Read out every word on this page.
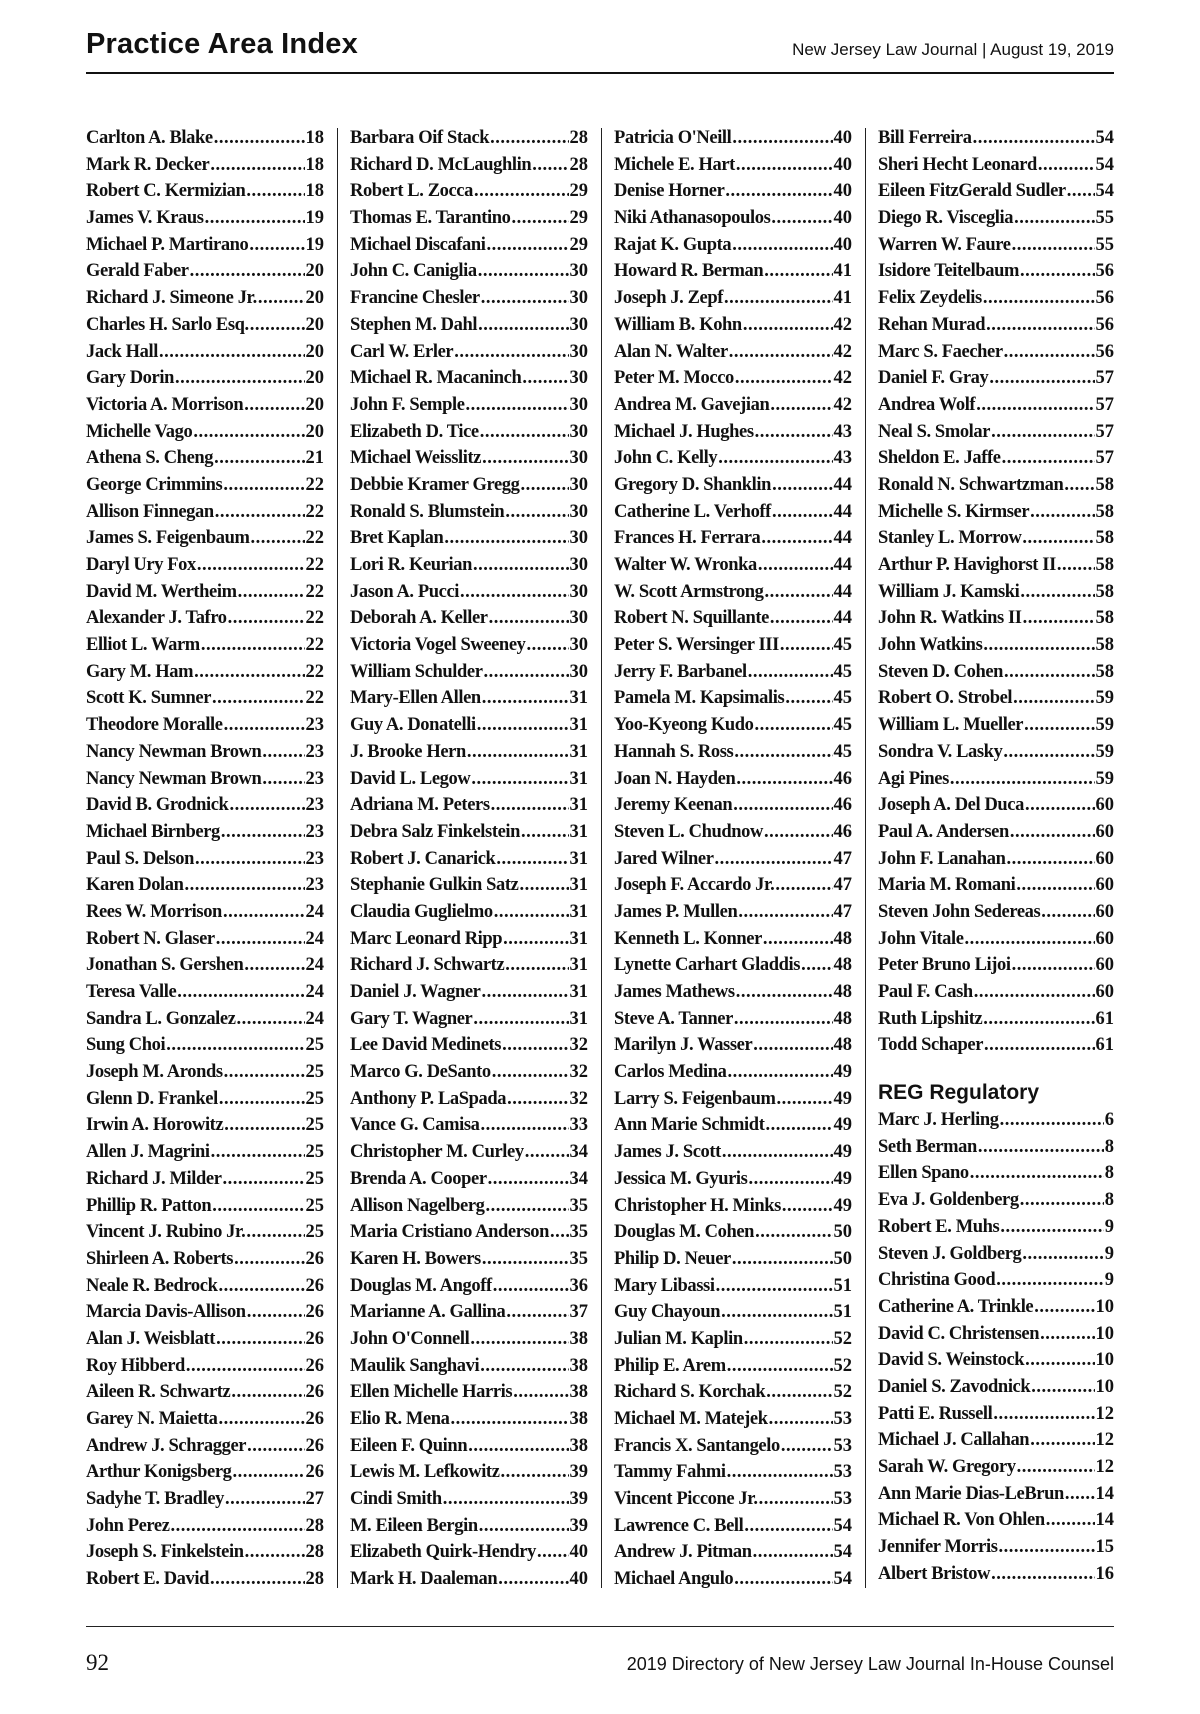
Practice Area Index	New Jersey Law Journal | August 19, 2019
Carlton A. Blake .....	18
Mark R. Decker .....	18
Robert C. Kermizian .....	18
James V. Kraus .....	19
Michael P. Martirano .....	19
Gerald Faber .....	20
Richard J. Simeone Jr. .....	20
Charles H. Sarlo Esq. .....	20
Jack Hall .....	20
Gary Dorin .....	20
Victoria A. Morrison .....	20
Michelle Vago .....	20
Athena S. Cheng .....	21
George Crimmins .....	22
Allison Finnegan .....	22
James S. Feigenbaum .....	22
Daryl Ury Fox .....	22
David M. Wertheim .....	22
Alexander J. Tafro .....	22
Elliot L. Warm .....	22
Gary M. Ham .....	22
Scott K. Sumner .....	22
Theodore Moralle .....	23
Nancy Newman Brown ..... 23
Nancy Newman Brown ..... 23
David B. Grodnick .....	23
Michael Birnberg .....	23
Paul S. Delson .....	23
Karen Dolan .....	23
Rees W. Morrison .....	24
Robert N. Glaser .....	24
Jonathan S. Gershen .....	24
Teresa Valle .....	24
Sandra L. Gonzalez .....	24
Sung Choi .....	25
Joseph M. Aronds .....	25
Glenn D. Frankel .....	25
Irwin A. Horowitz .....	25
Allen J. Magrini .....	25
Richard J. Milder .....	25
Phillip R. Patton .....	25
Vincent J. Rubino Jr. .....	25
Shirleen A. Roberts .....	26
Neale R. Bedrock .....	26
Marcia Davis-Allison .....	26
Alan J. Weisblatt .....	26
Roy Hibberd .....	26
Aileen R. Schwartz .....	26
Garey N. Maietta .....	26
Andrew J. Schragger .....	26
Arthur Konigsberg .....	26
Sadyhe T. Bradley .....	27
John Perez .....	28
Joseph S. Finkelstein .....	28
Robert E. David .....	28
Barbara Oif Stack .....	28
Richard D. McLaughlin ..... 28
Robert L. Zocca .....	29
Thomas E. Tarantino .....	29
Michael Discafani .....	29
John C. Caniglia .....	30
Francine Chesler .....	30
Stephen M. Dahl .....	30
Carl W. Erler .....	30
Michael R. Macaninch .....	30
John F. Semple .....	30
Elizabeth D. Tice .....	30
Michael Weisslitz .....	30
Debbie Kramer Gregg .....	30
Ronald S. Blumstein .....	30
Bret Kaplan .....	30
Lori R. Keurian .....	30
Jason A. Pucci .....	30
Deborah A. Keller .....	30
Victoria Vogel Sweeney ..... 30
William Schulder .....	30
Mary-Ellen Allen .....	31
Guy A. Donatelli .....	31
J. Brooke Hern .....	31
David L. Legow .....	31
Adriana M. Peters .....	31
Debra Salz Finkelstein .....	31
Robert J. Canarick .....	31
Stephanie Gulkin Satz .....	31
Claudia Guglielmo .....	31
Marc Leonard Ripp .....	31
Richard J. Schwartz .....	31
Daniel J. Wagner .....	31
Gary T. Wagner .....	31
Lee David Medinets .....	32
Marco G. DeSanto .....	32
Anthony P. LaSpada .....	32
Vance G. Camisa .....	33
Christopher M. Curley ..... 34
Brenda A. Cooper .....	34
Allison Nagelberg .....	35
Maria Cristiano Anderson ..... 35
Karen H. Bowers .....	35
Douglas M. Angoff .....	36
Marianne A. Gallina .....	37
John O'Connell .....	38
Maulik Sanghavi .....	38
Ellen Michelle Harris .....	38
Elio R. Mena .....	38
Eileen F. Quinn .....	38
Lewis M. Lefkowitz .....	39
Cindi Smith .....	39
M. Eileen Bergin .....	39
Elizabeth Quirk-Hendry ..... 40
Mark H. Daaleman .....	40
Patricia O'Neill .....	40
Michele E. Hart .....	40
Denise Horner .....	40
Niki Athanasopoulos .....	40
Rajat K. Gupta .....	40
Howard R. Berman .....	41
Joseph J. Zepf .....	41
William B. Kohn .....	42
Alan N. Walter .....	42
Peter M. Mocco .....	42
Andrea M. Gavejian .....	42
Michael J. Hughes .....	43
John C. Kelly .....	43
Gregory D. Shanklin .....	44
Catherine L. Verhoff .....	44
Frances H. Ferrara .....	44
Walter W. Wronka .....	44
W. Scott Armstrong .....	44
Robert N. Squillante .....	44
Peter S. Wersinger III .....	45
Jerry F. Barbanel .....	45
Pamela M. Kapsimalis .....	45
Yoo-Kyeong Kudo .....	45
Hannah S. Ross .....	45
Joan N. Hayden .....	46
Jeremy Keenan .....	46
Steven L. Chudnow .....	46
Jared Wilner .....	47
Joseph F. Accardo Jr. .....	47
James P. Mullen .....	47
Kenneth L. Konner .....	48
Lynette Carhart Gladdis ..... 48
James Mathews .....	48
Steve A. Tanner .....	48
Marilyn J. Wasser .....	48
Carlos Medina .....	49
Larry S. Feigenbaum .....	49
Ann Marie Schmidt .....	49
James J. Scott .....	49
Jessica M. Gyuris .....	49
Christopher H. Minks .....	49
Douglas M. Cohen .....	50
Philip D. Neuer .....	50
Mary Libassi .....	51
Guy Chayoun .....	51
Julian M. Kaplin .....	52
Philip E. Arem .....	52
Richard S. Korchak .....	52
Michael M. Matejek .....	53
Francis X. Santangelo .....	53
Tammy Fahmi .....	53
Vincent Piccone Jr. .....	53
Lawrence C. Bell .....	54
Andrew J. Pitman .....	54
Michael Angulo .....	54
Bill Ferreira .....	54
Sheri Hecht Leonard .....	54
Eileen FitzGerald Sudler ..... 54
Diego R. Visceglia .....	55
Warren W. Faure .....	55
Isidore Teitelbaum .....	56
Felix Zeydelis .....	56
Rehan Murad .....	56
Marc S. Faecher .....	56
Daniel F. Gray .....	57
Andrea Wolf .....	57
Neal S. Smolar .....	57
Sheldon E. Jaffe .....	57
Ronald N. Schwartzman ..... 58
Michelle S. Kirmser .....	58
Stanley L. Morrow .....	58
Arthur P. Havighorst II ..... 58
William J. Kamski .....	58
John R. Watkins II .....	58
John Watkins .....	58
Steven D. Cohen .....	58
Robert O. Strobel .....	59
William L. Mueller .....	59
Sondra V. Lasky .....	59
Agi Pines .....	59
Joseph A. Del Duca .....	60
Paul A. Andersen .....	60
John F. Lanahan .....	60
Maria M. Romani .....	60
Steven John Sedereas .....	60
John Vitale .....	60
Peter Bruno Lijoi .....	60
Paul F. Cash .....	60
Ruth Lipshitz .....	61
Todd Schaper .....	61
REG Regulatory
Marc J. Herling .....	6
Seth Berman .....	8
Ellen Spano .....	8
Eva J. Goldenberg .....	8
Robert E. Muhs .....	9
Steven J. Goldberg .....	9
Christina Good .....	9
Catherine A. Trinkle .....	10
David C. Christensen .....	10
David S. Weinstock .....	10
Daniel S. Zavodnick .....	10
Patti E. Russell .....	12
Michael J. Callahan .....	12
Sarah W. Gregory .....	12
Ann Marie Dias-LeBrun ..... 14
Michael R. Von Ohlen .....	14
Jennifer Morris .....	15
Albert Bristow .....	16
92	2019 Directory of New Jersey Law Journal In-House Counsel
